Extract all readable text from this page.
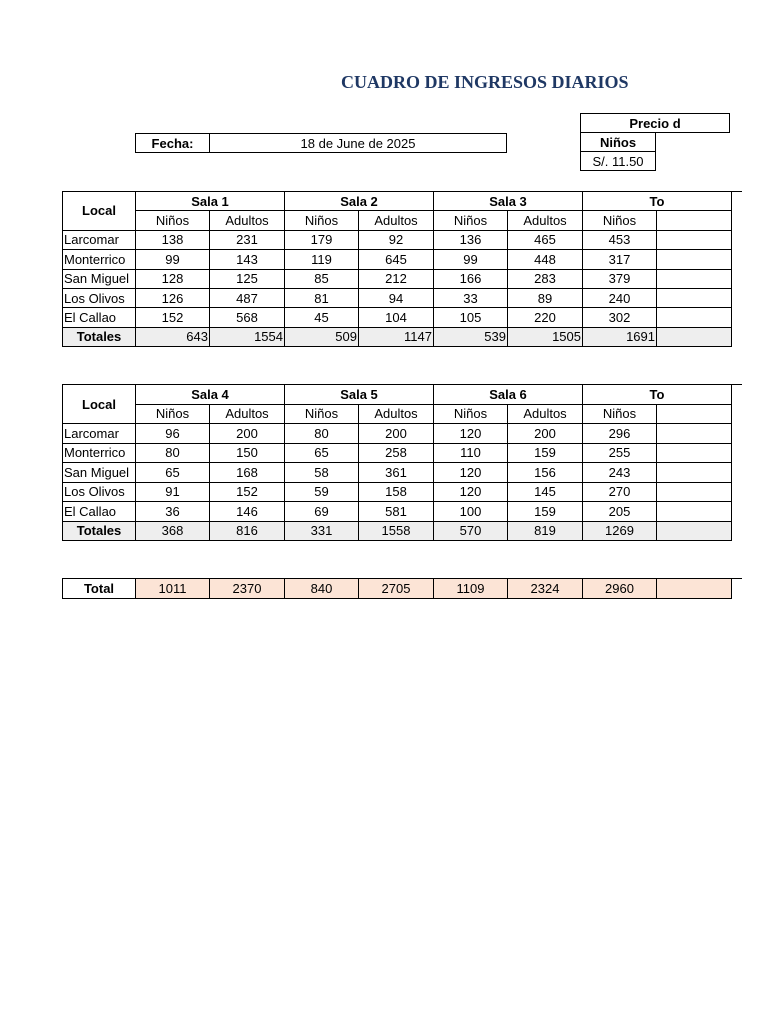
CUADRO DE INGRESOS DIARIOS
Fecha:	18 de June de 2025
Precio d
Niños
S/. 11.50
Local
Sala 1	Sala 2	Sala 3	To
Niños	Adultos	Niños	Adultos	Niños	Adultos	Niños
Larcomar	138	231	179	92	136	465	453
Monterrico	99	143	119	645	99	448	317
San Miguel	128	125	85	212	166	283	379
Los Olivos	126	487	81	94	33	89	240
El Callao	152	568	45	104	105	220	302
Totales	643	1554	509	1147	539	1505	1691
Local
Sala 4	Sala 5	Sala 6	To
Niños	Adultos	Niños	Adultos	Niños	Adultos	Niños
Larcomar	96	200	80	200	120	200	296
Monterrico	80	150	65	258	110	159	255
San Miguel	65	168	58	361	120	156	243
Los Olivos	91	152	59	158	120	145	270
El Callao	36	146	69	581	100	159	205
Totales	368	816	331	1558	570	819	1269
Total	1011	2370	840	2705	1109	2324	2960
